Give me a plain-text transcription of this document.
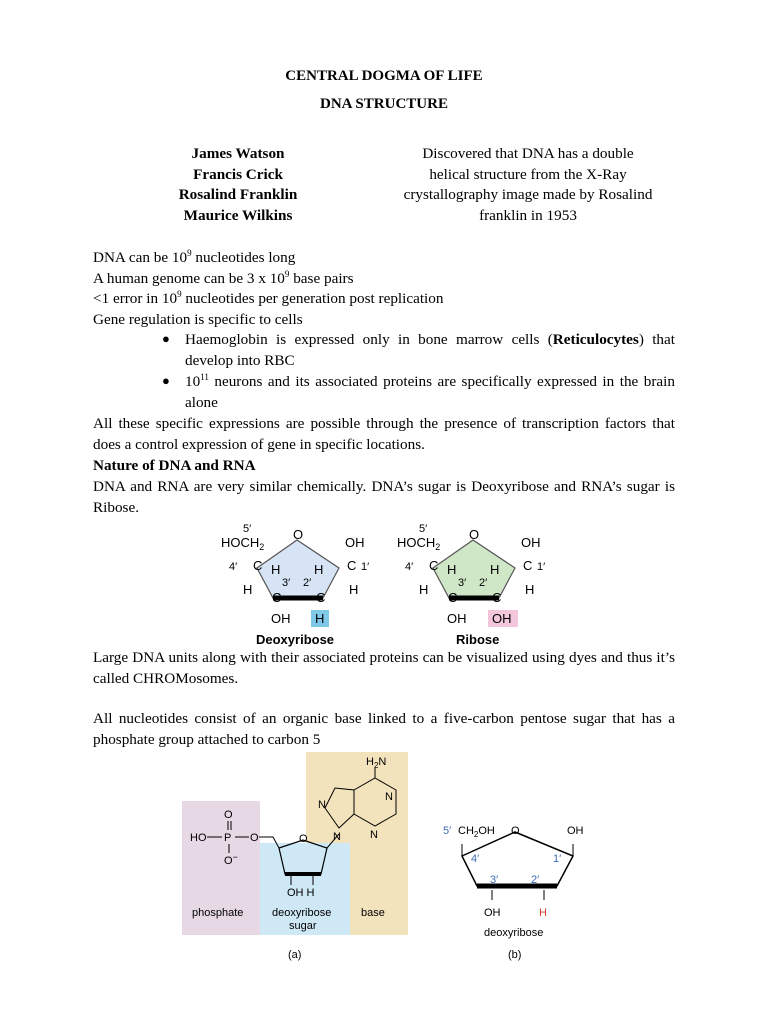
CENTRAL DOGMA OF LIFE
DNA STRUCTURE
James Watson
Francis Crick
Rosalind Franklin
Maurice Wilkins
Discovered that DNA has a double
helical structure from the X-Ray
crystallography image made by Rosalind
franklin in 1953
DNA can be $10^9$ nucleotides long
A human genome can be 3 x $10^9$ base pairs
<1 error in $10^9$ nucleotides per generation post replication
Gene regulation is specific to cells
● Haemoglobin is expressed only in bone marrow cells (Reticulocytes) that develop into RBC
● $10^{11}$ neurons and its associated proteins are specifically expressed in the brain alone
All these specific expressions are possible through the presence of transcription factors that does a control expression of gene in specific locations.
Nature of DNA and RNA
DNA and RNA are very similar chemically. DNA’s sugar is Deoxyribose and RNA’s sugar is Ribose.
5′
$HOCH_2$
O
OH
4′ C	C 1′
H	H
3′ 2′
H	H
C	C
OH H
Deoxyribose
5′
$HOCH_2$
O
OH
4′ C	C 1′
H	H
3′ 2′
H	H
C	C
OH OH
Ribose
Large DNA units along with their associated proteins can be visualized using dyes and thus it’s called CHROMosomes.
All nucleotides consist of an organic base linked to a five-carbon pentose sugar that has a phosphate group attached to carbon 5
O
HO P O
O−
O
OH H
$H_2N$
N
N
N
N
phosphate	deoxyribose
sugar
base
(a)
5′ $CH_2OH$ O	OH
4′	1′
3′	2′
OH	H
deoxyribose
(b)
